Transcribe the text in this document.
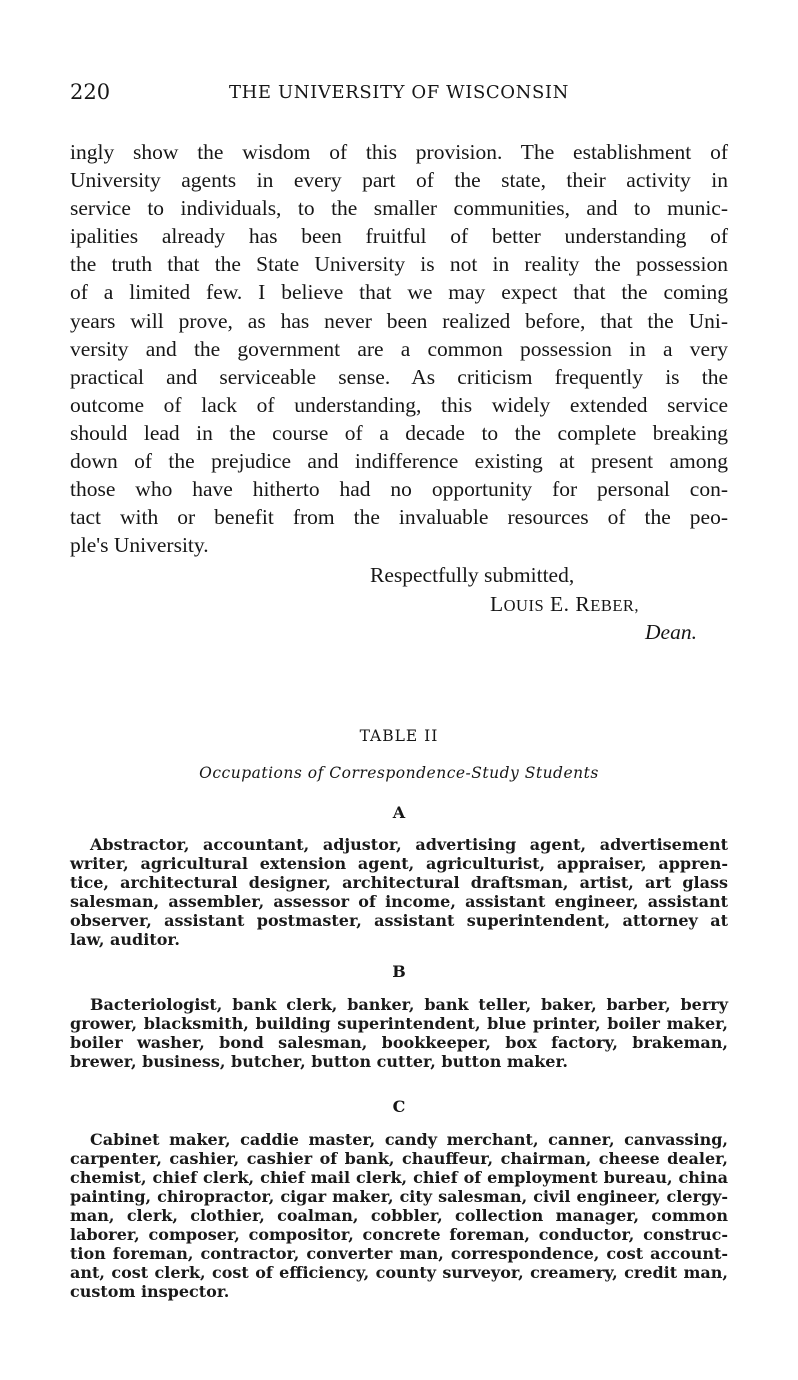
220	THE UNIVERSITY OF WISCONSIN
ingly show the wisdom of this provision. The establishment of
University agents in every part of the state, their activity in
service to individuals, to the smaller communities, and to munic-
ipalities already has been fruitful of better understanding of
the truth that the State University is not in reality the possession
of a limited few. I believe that we may expect that the coming
years will prove, as has never been realized before, that the Uni-
versity and the government are a common possession in a very
practical and serviceable sense. As criticism frequently is the
outcome of lack of understanding, this widely extended service
should lead in the course of a decade to the complete breaking
down of the prejudice and indifference existing at present among
those who have hitherto had no opportunity for personal con-
tact with or benefit from the invaluable resources of the peo-
ple's University.
Respectfully submitted,
LOUIS E. REBER,
Dean.
TABLE II
Occupations of Correspondence-Study Students
A
Abstractor, accountant, adjustor, advertising agent, advertisement
writer, agricultural extension agent, agriculturist, appraiser, appren-
tice, architectural designer, architectural draftsman, artist, art glass
salesman, assembler, assessor of income, assistant engineer, assistant
observer, assistant postmaster, assistant superintendent, attorney at
law, auditor.
B
Bacteriologist, bank clerk, banker, bank teller, baker, barber, berry
grower, blacksmith, building superintendent, blue printer, boiler maker,
boiler washer, bond salesman, bookkeeper, box factory, brakeman,
brewer, business, butcher, button cutter, button maker.
C
Cabinet maker, caddie master, candy merchant, canner, canvassing,
carpenter, cashier, cashier of bank, chauffeur, chairman, cheese dealer,
chemist, chief clerk, chief mail clerk, chief of employment bureau, china
painting, chiropractor, cigar maker, city salesman, civil engineer, clergy-
man, clerk, clothier, coalman, cobbler, collection manager, common
laborer, composer, compositor, concrete foreman, conductor, construc-
tion foreman, contractor, converter man, correspondence, cost account-
ant, cost clerk, cost of efficiency, county surveyor, creamery, credit man,
custom inspector.
